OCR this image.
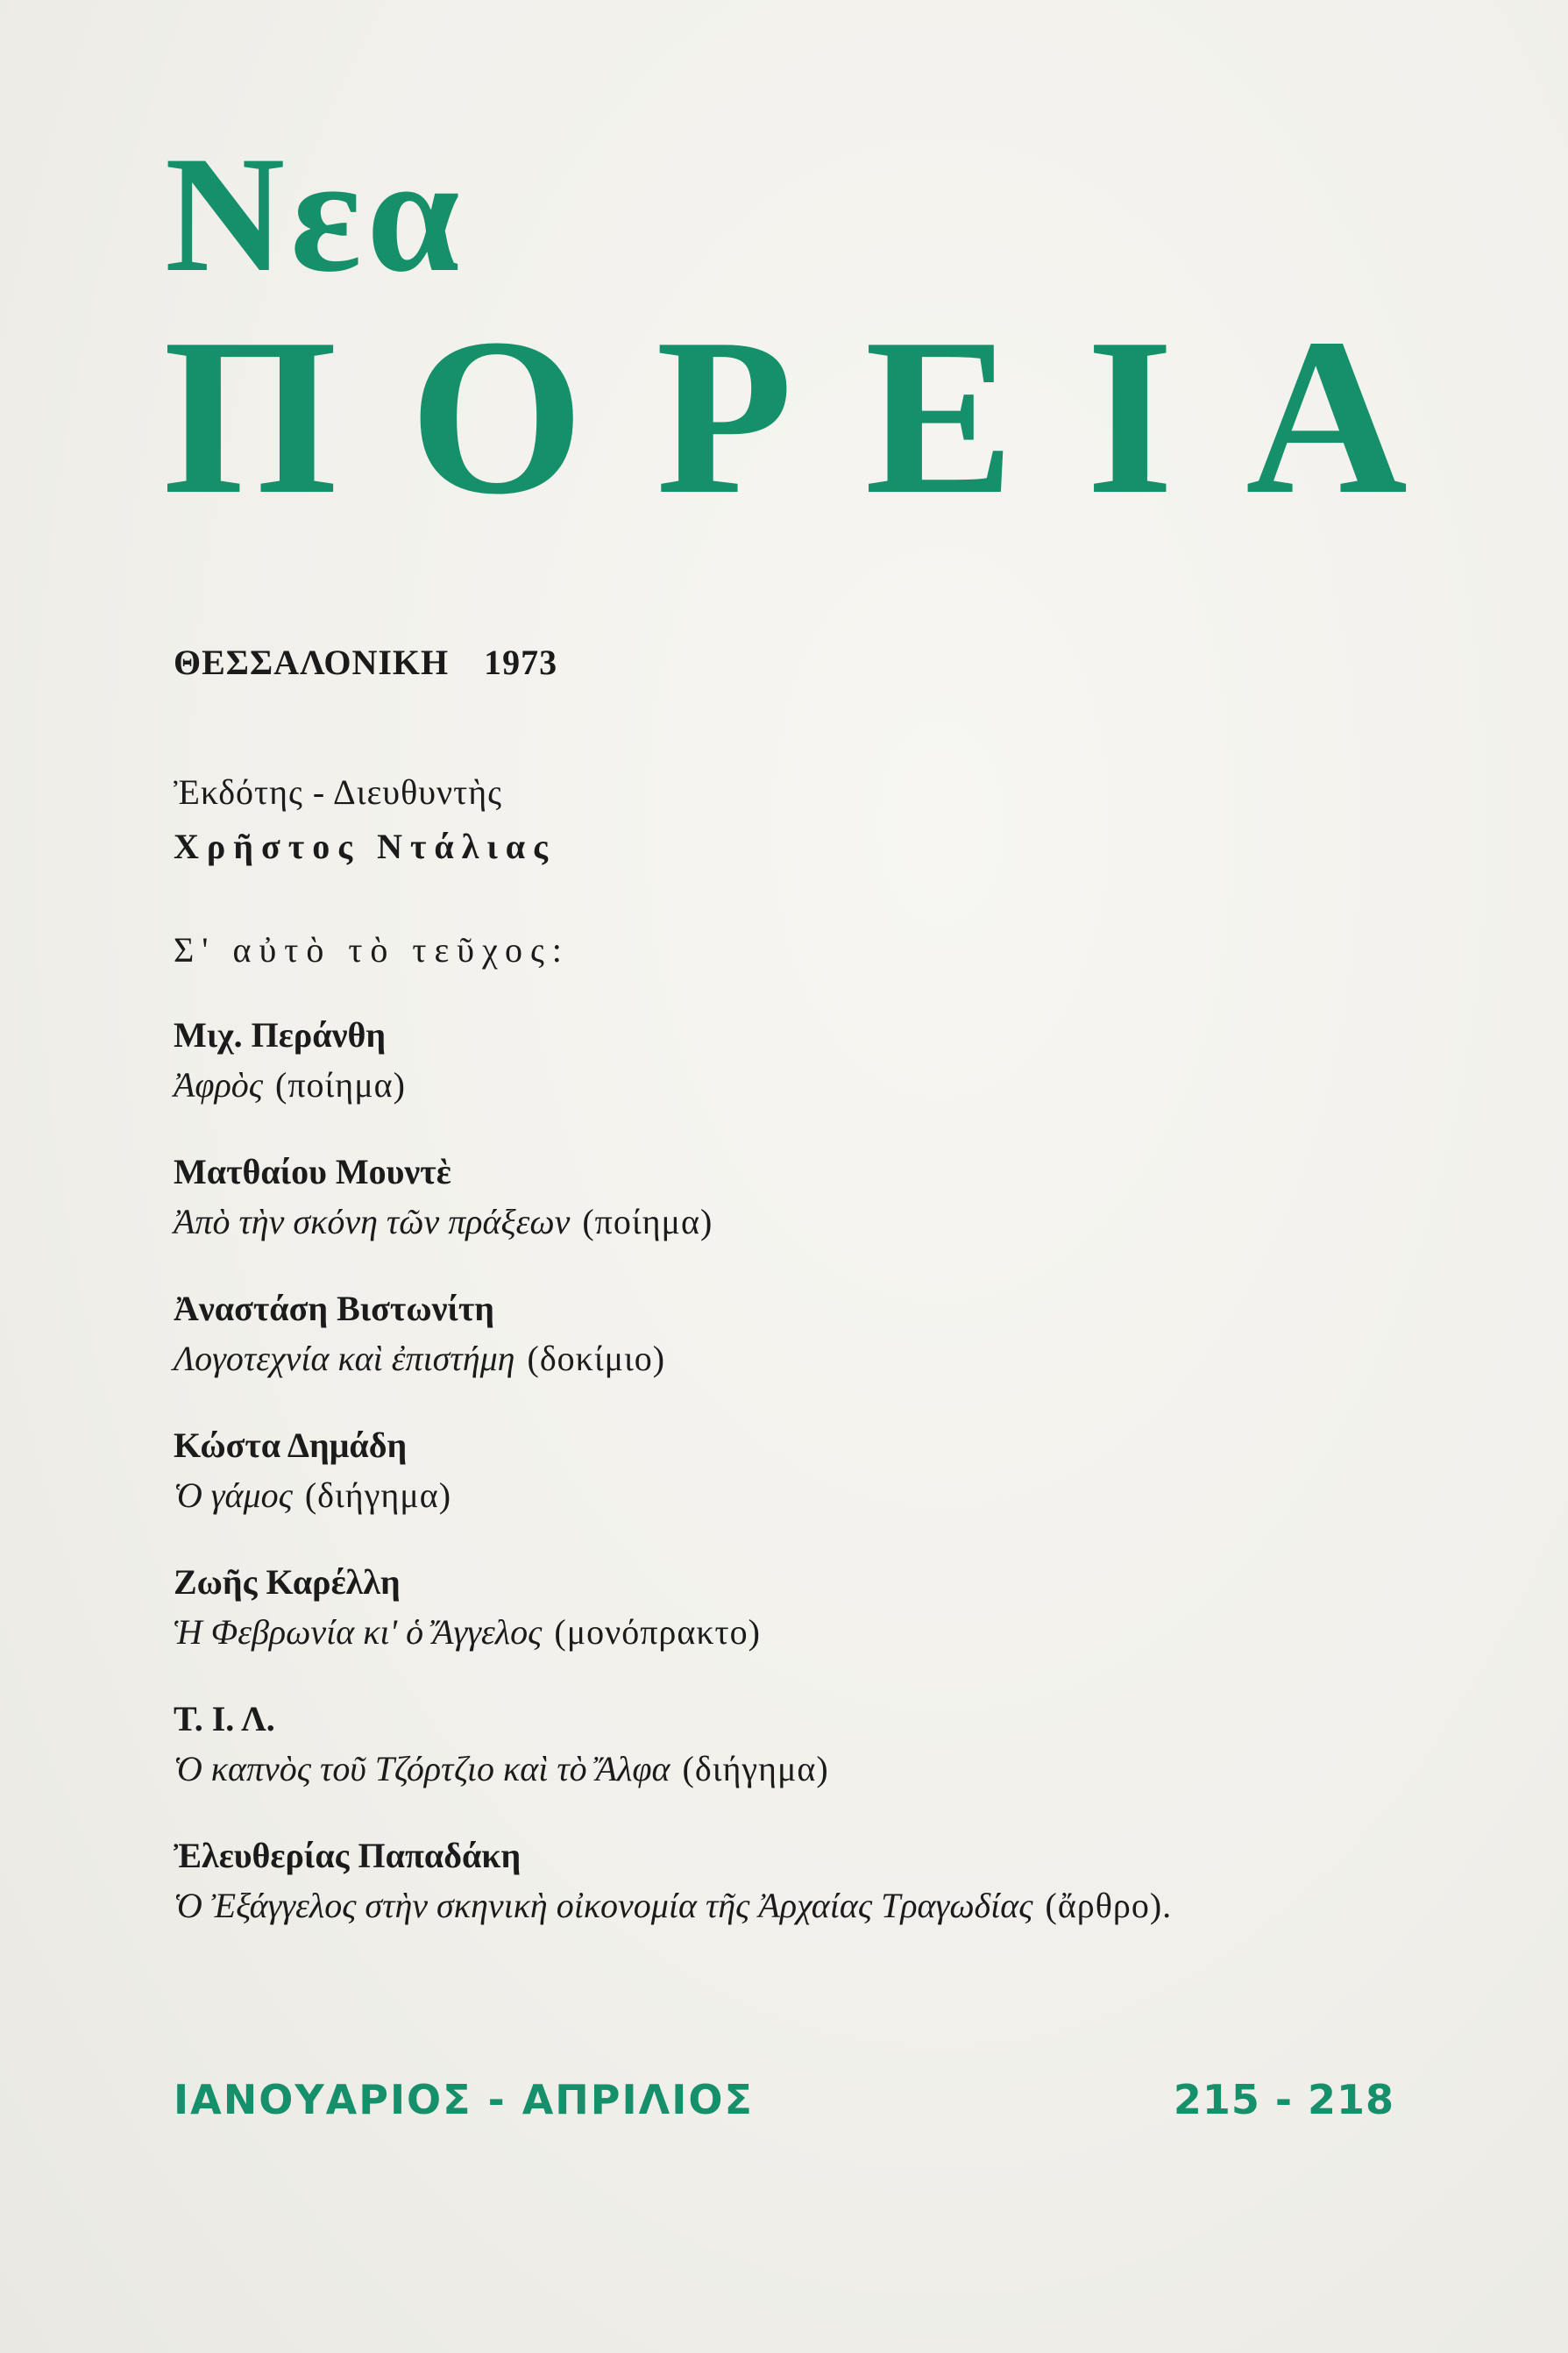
Νεα
Π Ο Ρ Ε Ι Α
ΘΕΣΣΑΛΟΝΙΚΗ 1973
Ἐκδότης - Διευθυντὴς
Χρῆστος Ντάλιας
Σ' αὐτὸ τὸ τεῦχος:
Μιχ. Περάνθη
Ἀφρὸς (ποίημα)
Ματθαίου Μουντὲ
Ἀπὸ τὴν σκόνη τῶν πράξεων (ποίημα)
Ἀναστάση Βιστωνίτη
Λογοτεχνία καὶ ἐπιστήμη (δοκίμιο)
Κώστα Δημάδη
Ὁ γάμος (διήγημα)
Ζωῆς Καρέλλη
Ἡ Φεβρωνία κι' ὁ Ἄγγελος (μονόπρακτο)
Τ. Ι. Λ.
Ὁ καπνὸς τοῦ Τζόρτζιο καὶ τὸ Ἄλφα (διήγημα)
Ἐλευθερίας Παπαδάκη
Ὁ Ἐξάγγελος στὴν σκηνικὴ οἰκονομία τῆς Ἀρχαίας Τραγωδίας (ἄρθρο).
ΙΑΝΟΥΑΡΙΟΣ - ΑΠΡΙΛΙΟΣ	215 - 218
